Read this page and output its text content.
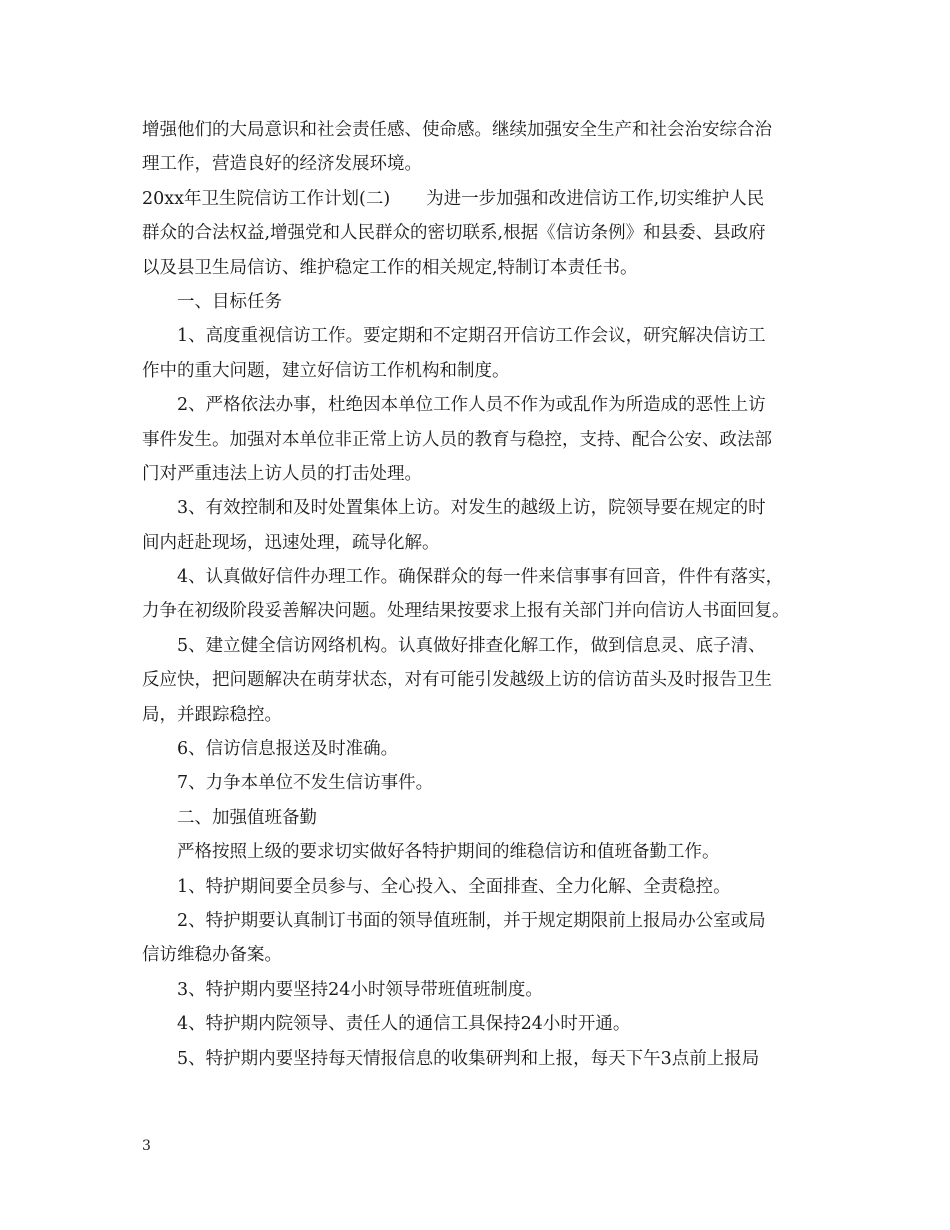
增强他们的大局意识和社会责任感、使命感。继续加强安全生产和社会治安综合治
理工作，营造良好的经济发展环境。
20xx年卫生院信访工作计划(二) 为进一步加强和改进信访工作,切实维护人民
群众的合法权益,增强党和人民群众的密切联系,根据《信访条例》和县委、县政府
以及县卫生局信访、维护稳定工作的相关规定,特制订本责任书。
一、目标任务
1、高度重视信访工作。要定期和不定期召开信访工作会议，研究解决信访工
作中的重大问题，建立好信访工作机构和制度。
2、严格依法办事，杜绝因本单位工作人员不作为或乱作为所造成的恶性上访
事件发生。加强对本单位非正常上访人员的教育与稳控，支持、配合公安、政法部
门对严重违法上访人员的打击处理。
3、有效控制和及时处置集体上访。对发生的越级上访，院领导要在规定的时
间内赶赴现场，迅速处理，疏导化解。
4、认真做好信件办理工作。确保群众的每一件来信事事有回音，件件有落实，
力争在初级阶段妥善解决问题。处理结果按要求上报有关部门并向信访人书面回复。
5、建立健全信访网络机构。认真做好排查化解工作，做到信息灵、底子清、
反应快，把问题解决在萌芽状态，对有可能引发越级上访的信访苗头及时报告卫生
局，并跟踪稳控。
6、信访信息报送及时准确。
7、力争本单位不发生信访事件。
二、加强值班备勤
严格按照上级的要求切实做好各特护期间的维稳信访和值班备勤工作。
1、特护期间要全员参与、全心投入、全面排查、全力化解、全责稳控。
2、特护期要认真制订书面的领导值班制，并于规定期限前上报局办公室或局
信访维稳办备案。
3、特护期内要坚持24小时领导带班值班制度。
4、特护期内院领导、责任人的通信工具保持24小时开通。
5、特护期内要坚持每天情报信息的收集研判和上报，每天下午3点前上报局
3
